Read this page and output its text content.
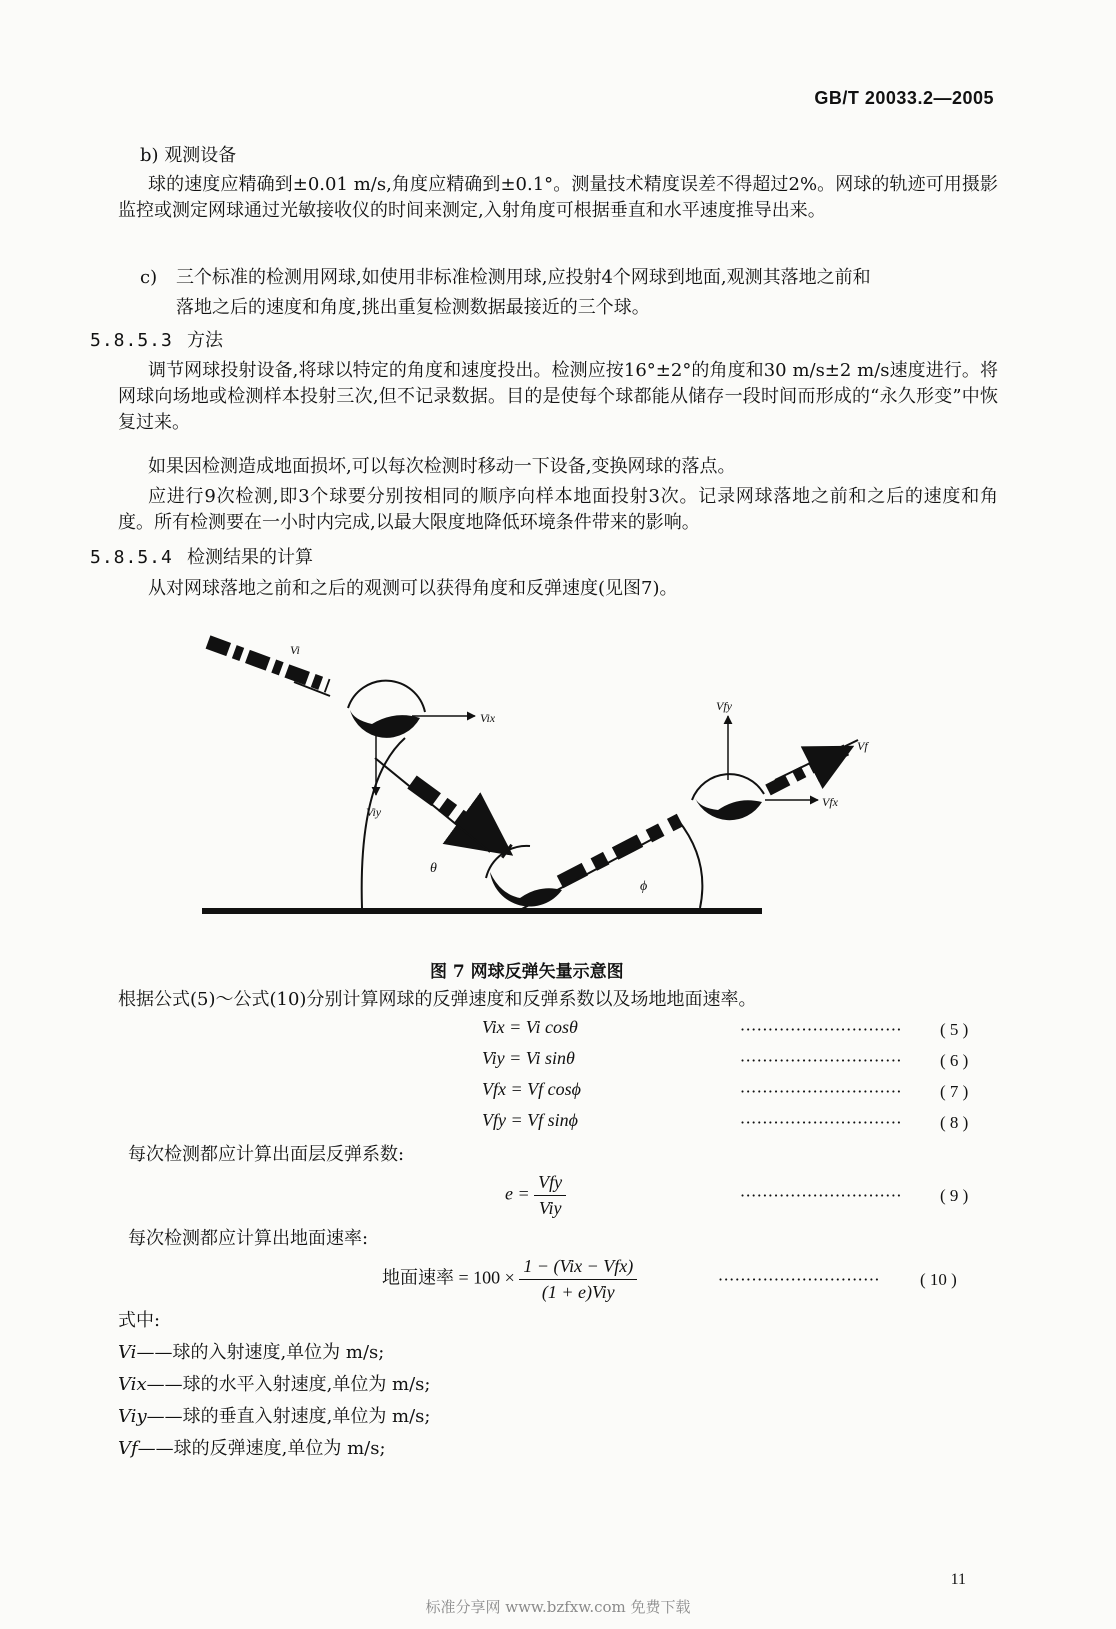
GB/T 20033.2—2005
b) 观测设备
球的速度应精确到±0.01 m/s,角度应精确到±0.1°。测量技术精度误差不得超过2%。网球的轨迹可用摄影监控或测定网球通过光敏接收仪的时间来测定,入射角度可根据垂直和水平速度推导出来。
c) 三个标准的检测用网球,如使用非标准检测用球,应投射4个网球到地面,观测其落地之前和
落地之后的速度和角度,挑出重复检测数据最接近的三个球。
5.8.5.3 方法
调节网球投射设备,将球以特定的角度和速度投出。检测应按16°±2°的角度和30 m/s±2 m/s速度进行。将网球向场地或检测样本投射三次,但不记录数据。目的是使每个球都能从储存一段时间而形成的“永久形变”中恢复过来。
如果因检测造成地面损坏,可以每次检测时移动一下设备,变换网球的落点。
应进行9次检测,即3个球要分别按相同的顺序向样本地面投射3次。记录网球落地之前和之后的速度和角度。所有检测要在一小时内完成,以最大限度地降低环境条件带来的影响。
5.8.5.4 检测结果的计算
从对网球落地之前和之后的观测可以获得角度和反弹速度(见图7)。
Vi
Vix
Viy
Vfy
Vfx
Vf
θ
ϕ
图 7 网球反弹矢量示意图
根据公式(5)～公式(10)分别计算网球的反弹速度和反弹系数以及场地地面速率。
Vix = Vi cosθ	····························· ( 5 )
Viy = Vi sinθ	····························· ( 6 )
Vfx = Vf cosϕ	····························· ( 7 )
Vfy = Vf sinϕ	····························· ( 8 )
每次检测都应计算出面层反弹系数:
$e = \frac{\text{Vfy}}{\text{Viy}}$	····························· ( 9 )
每次检测都应计算出地面速率:
地面速率 = $100 \times \frac{\text{1 − (Vix − Vfx)}}{\text{(1 + e)Viy}}$	····························· ( 10 )
式中:
Vi——球的入射速度,单位为 m/s;
Vix——球的水平入射速度,单位为 m/s;
Viy——球的垂直入射速度,单位为 m/s;
Vf——球的反弹速度,单位为 m/s;
11
标准分享网 www.bzfxw.com 免费下载
